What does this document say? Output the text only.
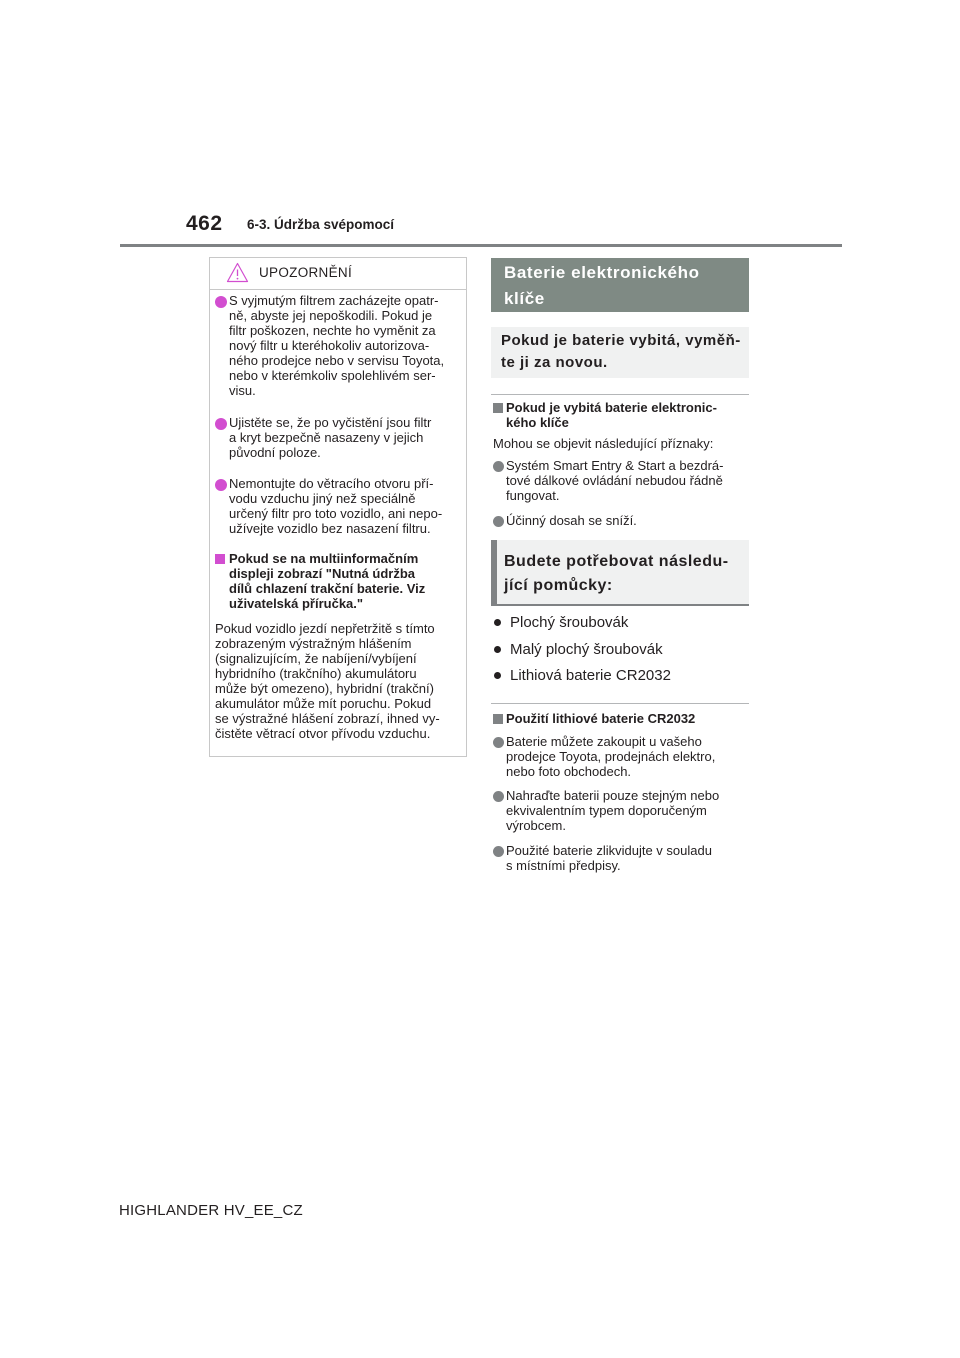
462 6-3. Údržba svépomocí
UPOZORNĚNÍ
S vyjmutým filtrem zacházejte opatr-
ně, abyste jej nepoškodili. Pokud je
filtr poškozen, nechte ho vyměnit za
nový filtr u kteréhokoliv autorizova-
ného prodejce nebo v servisu Toyota,
nebo v kterémkoliv spolehlivém ser-
visu.
Ujistěte se, že po vyčistění jsou filtr
a kryt bezpečně nasazeny v jejich
původní poloze.
Nemontujte do větracího otvoru pří-
vodu vzduchu jiný než speciálně
určený filtr pro toto vozidlo, ani nepo-
užívejte vozidlo bez nasazení filtru.
Pokud se na multiinformačním
displeji zobrazí "Nutná údržba
dílů chlazení trakční baterie. Viz
uživatelská příručka."
Pokud vozidlo jezdí nepřetržitě s tímto
zobrazeným výstražným hlášením
(signalizujícím, že nabíjení/vybíjení
hybridního (trakčního) akumulátoru
může být omezeno), hybridní (trakční)
akumulátor může mít poruchu. Pokud
se výstražné hlášení zobrazí, ihned vy-
čistěte větrací otvor přívodu vzduchu.
Baterie elektronického
klíče
Pokud je baterie vybitá, vyměň-
te ji za novou.
Pokud je vybitá baterie elektronic-
kého klíče
Mohou se objevit následující příznaky:
Systém Smart Entry & Start a bezdrá-
tové dálkové ovládání nebudou řádně
fungovat.
Účinný dosah se sníží.
Budete potřebovat následu-
jící pomůcky:
Plochý šroubovák
Malý plochý šroubovák
Lithiová baterie CR2032
Použití lithiové baterie CR2032
Baterie můžete zakoupit u vašeho
prodejce Toyota, prodejnách elektro,
nebo foto obchodech.
Nahraďte baterii pouze stejným nebo
ekvivalentním typem doporučeným
výrobcem.
Použité baterie zlikvidujte v souladu
s místními předpisy.
HIGHLANDER HV_EE_CZ
